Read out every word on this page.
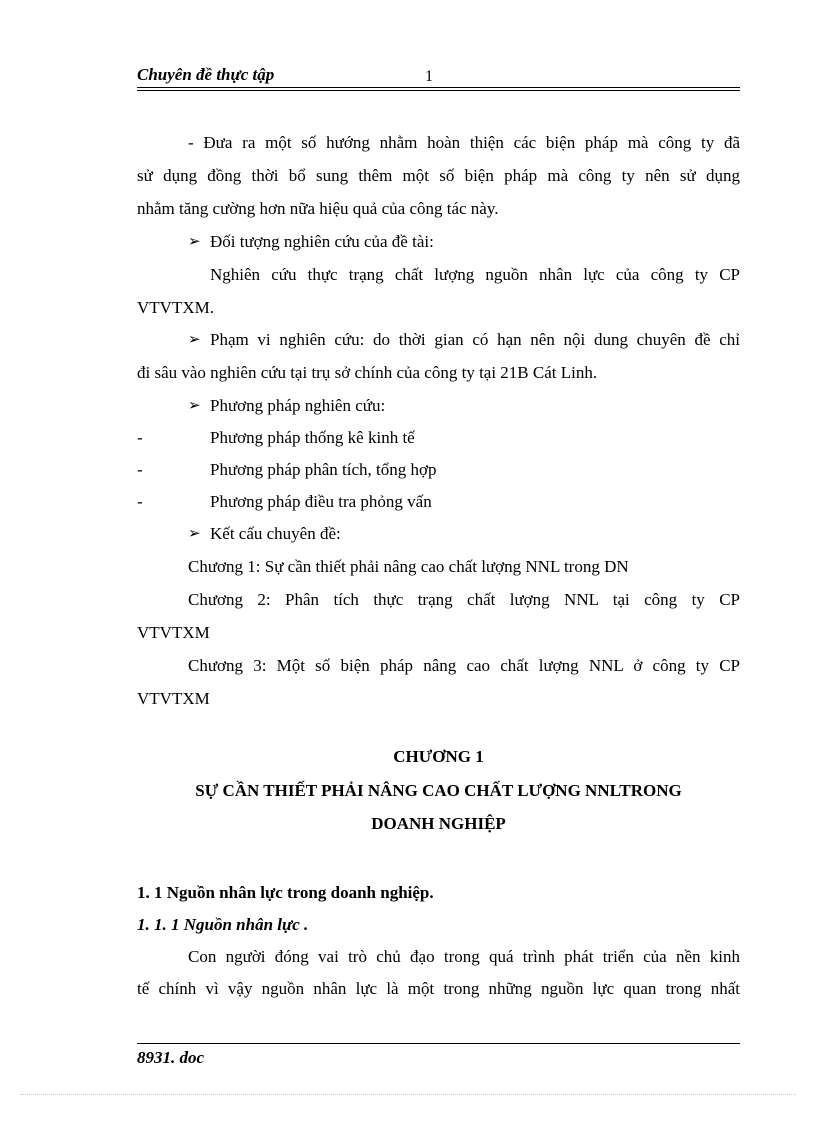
Chuyên đề thực tập	1
- Đưa ra một số hướng nhằm hoàn thiện các biện pháp mà công ty đã
sử dụng đồng thời bổ sung thêm một số biện pháp mà công ty nên sử dụng
nhằm tăng cường hơn nữa hiệu quả của công tác này.
➢ Đối tượng nghiên cứu của đề tài:
Nghiên cứu thực trạng chất lượng nguồn nhân lực của công ty CP
VTVTXM.
➢ Phạm vi nghiên cứu: do thời gian có hạn nên nội dung chuyên đề chỉ
đi sâu vào nghiên cứu tại trụ sở chính của công ty tại 21B Cát Linh.
➢ Phương pháp nghiên cứu:
-	Phương pháp thống kê kinh tế
-	Phương pháp phân tích, tổng hợp
-	Phương pháp điều tra phỏng vấn
➢ Kết cấu chuyên đề:
Chương 1: Sự cần thiết phải nâng cao chất lượng NNL trong DN
Chương 2: Phân tích thực trạng chất lượng NNL tại công ty CP
VTVTXM
Chương 3: Một số biện pháp nâng cao chất lượng NNL ở công ty CP
VTVTXM
CHƯƠNG 1
SỰ CẦN THIẾT PHẢI NÂNG CAO CHẤT LƯỢNG NNLTRONG
DOANH NGHIỆP
1. 1 Nguồn nhân lực trong doanh nghiệp.
1. 1. 1 Nguồn nhân lực .
Con người đóng vai trò chủ đạo trong quá trình phát triển của nền kinh
tế chính vì vậy nguồn nhân lực là một trong những nguồn lực quan trong nhất
8931. doc
